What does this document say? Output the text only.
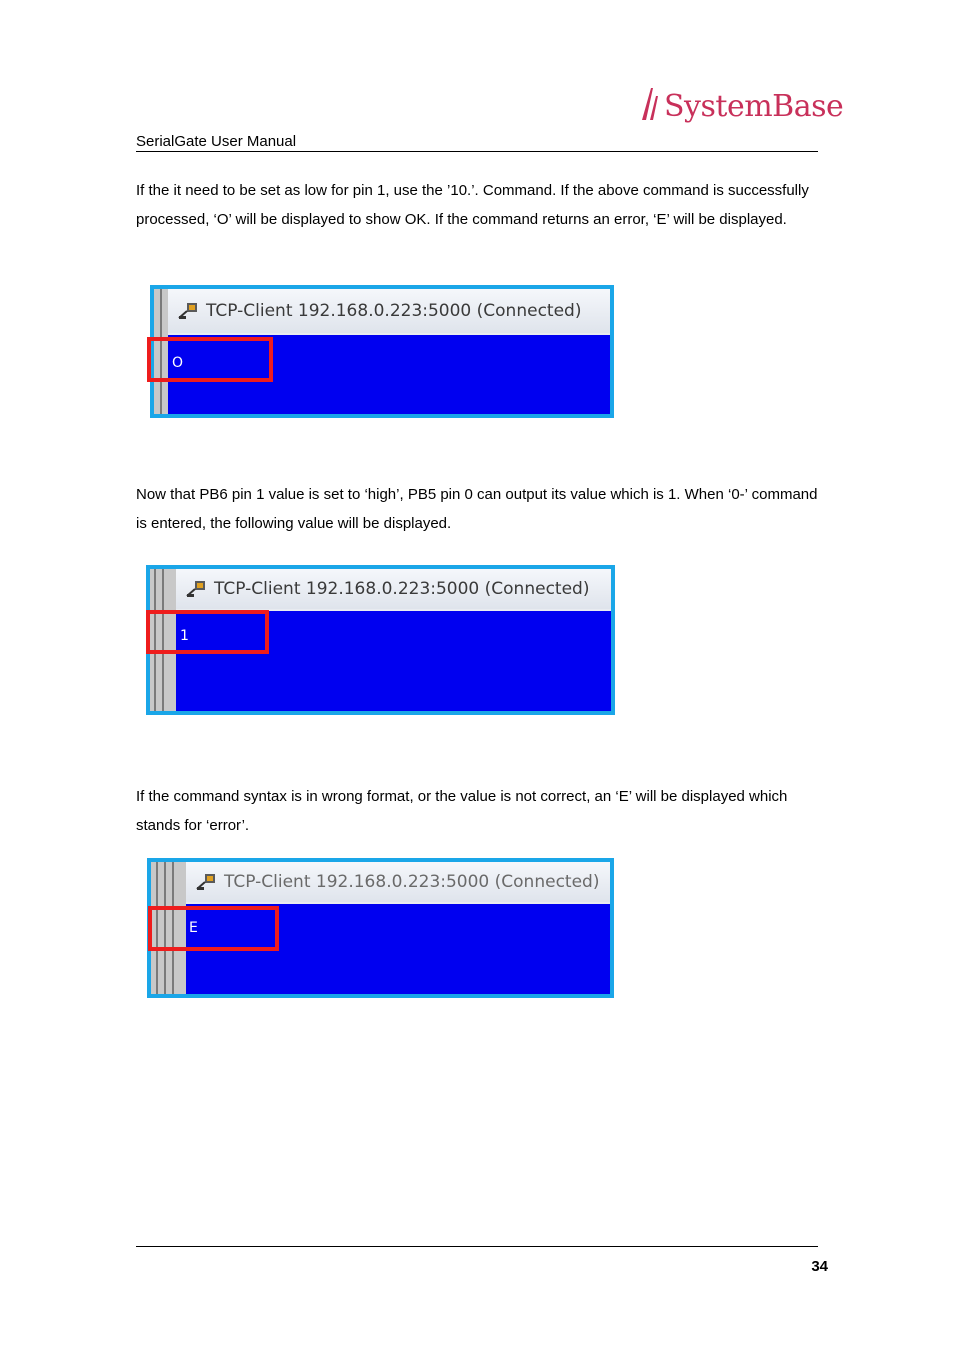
SystemBase
SerialGate User Manual

If the it need to be set as low for pin 1, use the ’10.’. Command. If the above command is successfully processed, ‘O’ will be displayed to show OK. If the command returns an error, ‘E’ will be displayed.

TCP-Client 192.168.0.223:5000 (Connected)
O

Now that PB6 pin 1 value is set to ‘high’, PB5 pin 0 can output its value which is 1. When ‘0-’ command is entered, the following value will be displayed.

TCP-Client 192.168.0.223:5000 (Connected)
1

If the command syntax is in wrong format, or the value is not correct, an ‘E’ will be displayed which stands for ‘error’.

TCP-Client 192.168.0.223:5000 (Connected)
E
34
